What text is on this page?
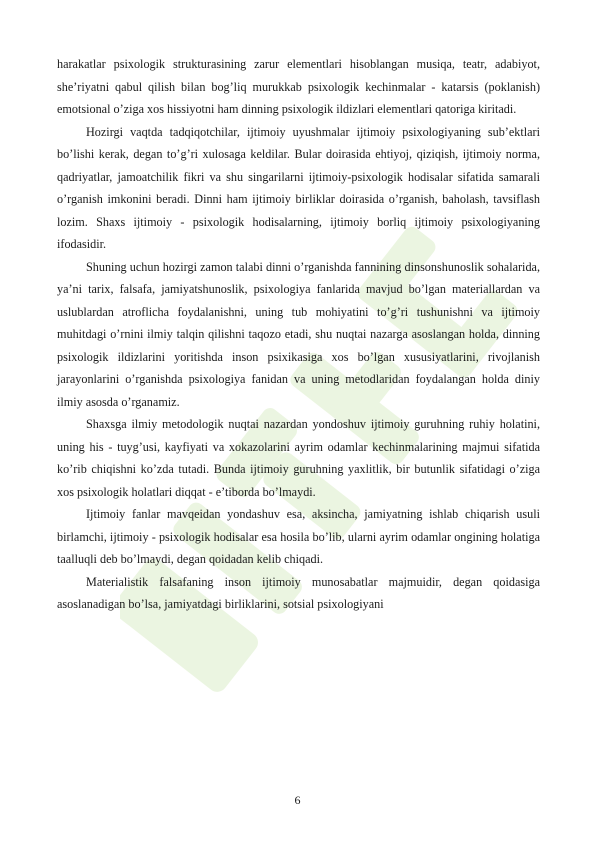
harakatlar psixologik strukturasining zarur elementlari hisoblangan musiqa, teatr, adabiyot, she’riyatni qabul qilish bilan bog’liq murukkab psixologik kechinmalar - katarsis (poklanish) emotsional o’ziga xos hissiyotni ham dinning psixologik ildizlari elementlari qatoriga kiritadi.

Hozirgi vaqtda tadqiqotchilar, ijtimoiy uyushmalar ijtimoiy psixologiyaning sub’ektlari bo’lishi kerak, degan to’g’ri xulosaga keldilar. Bular doirasida ehtiyoj, qiziqish, ijtimoiy norma, qadriyatlar, jamoatchilik fikri va shu singarilarni ijtimoiy-psixologik hodisalar sifatida samarali o’rganish imkonini beradi. Dinni ham ijtimoiy birliklar doirasida o’rganish, baholash, tavsiflash lozim. Shaxs ijtimoiy - psixologik hodisalarning, ijtimoiy borliq ijtimoiy psixologiyaning ifodasidir.

Shuning uchun hozirgi zamon talabi dinni o’rganishda fannining dinsonshunoslik sohalarida, ya’ni tarix, falsafa, jamiyatshunoslik, psixologiya fanlarida mavjud bo’lgan materiallardan va uslublardan atroflicha foydalanishni, uning tub mohiyatini to’g’ri tushunishni va ijtimoiy muhitdagi o’rnini ilmiy talqin qilishni taqozo etadi, shu nuqtai nazarga asoslangan holda, dinning psixologik ildizlarini yoritishda inson psixikasiga xos bo’lgan xususiyatlarini, rivojlanish jarayonlarini o’rganishda psixologiya fanidan va uning metodlaridan foydalangan holda diniy ilmiy asosda o’rganamiz.

Shaxsga ilmiy metodologik nuqtai nazardan yondoshuv ijtimoiy guruhning ruhiy holatini, uning his - tuyg’usi, kayfiyati va xokazolarini ayrim odamlar kechinmalarining majmui sifatida ko’rib chiqishni ko’zda tutadi. Bunda ijtimoiy guruhning yaxlitlik, bir butunlik sifatidagi o’ziga xos psixologik holatlari diqqat - e’tiborda bo’lmaydi.

Ijtimoiy fanlar mavqeidan yondashuv esa, aksincha, jamiyatning ishlab chiqarish usuli birlamchi, ijtimoiy - psixologik hodisalar esa hosila bo’lib, ularni ayrim odamlar ongining holatiga taalluqli deb bo’lmaydi, degan qoidadan kelib chiqadi.

Materialistik falsafaning inson ijtimoiy munosabatlar majmuidir, degan qoidasiga asoslanadigan bo’lsa, jamiyatdagi birliklarini, sotsial psixologiyani

6
